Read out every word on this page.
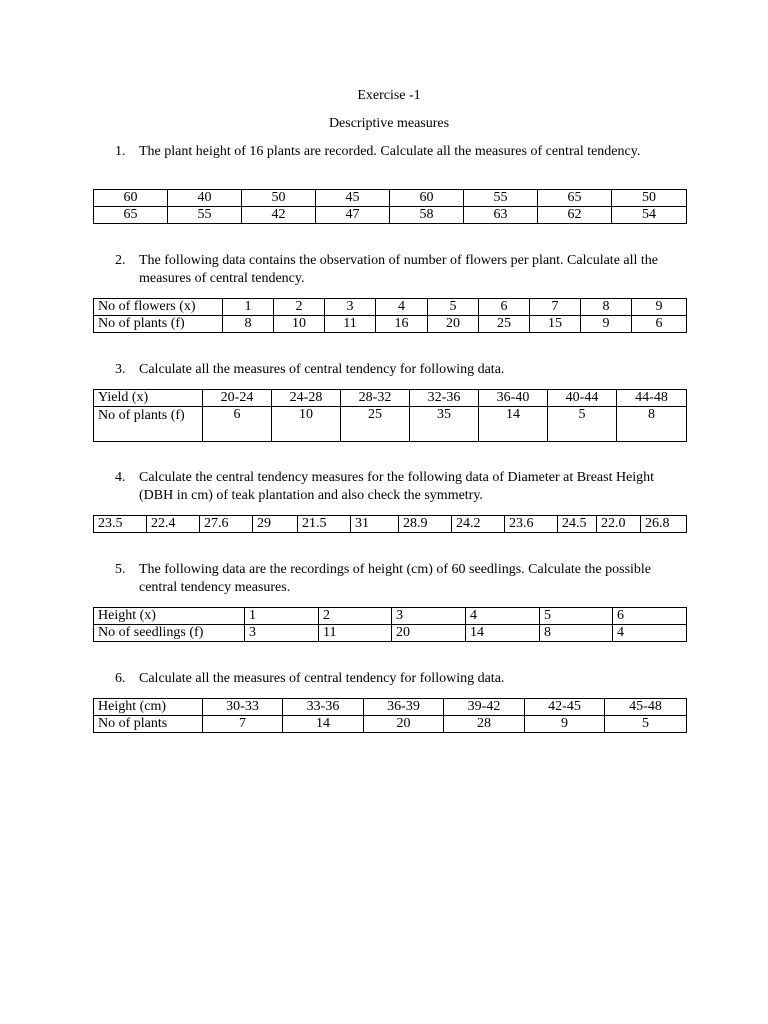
Exercise -1
Descriptive measures
1. The plant height of 16 plants are recorded. Calculate all the measures of central tendency.
60	40	50	45	60	55	65	50
65	55	42	47	58	63	62	54
2. The following data contains the observation of number of flowers per plant. Calculate all the measures of central tendency.
No of flowers (x)	1	2	3	4	5	6	7	8	9
No of plants (f)	8	10	11	16	20	25	15	9	6
3. Calculate all the measures of central tendency for following data.
Yield (x)	20-24	24-28	28-32	32-36	36-40	40-44	44-48
No of plants (f)	6	10	25	35	14	5	8
4. Calculate the central tendency measures for the following data of Diameter at Breast Height (DBH in cm) of teak plantation and also check the symmetry.
23.5	22.4	27.6	29	21.5	31	28.9	24.2	23.6	24.5	22.0	26.8
5. The following data are the recordings of height (cm) of 60 seedlings. Calculate the possible central tendency measures.
Height (x)	1	2	3	4	5	6
No of seedlings (f)	3	11	20	14	8	4
6. Calculate all the measures of central tendency for following data.
Height (cm)	30-33	33-36	36-39	39-42	42-45	45-48
No of plants	7	14	20	28	9	5
